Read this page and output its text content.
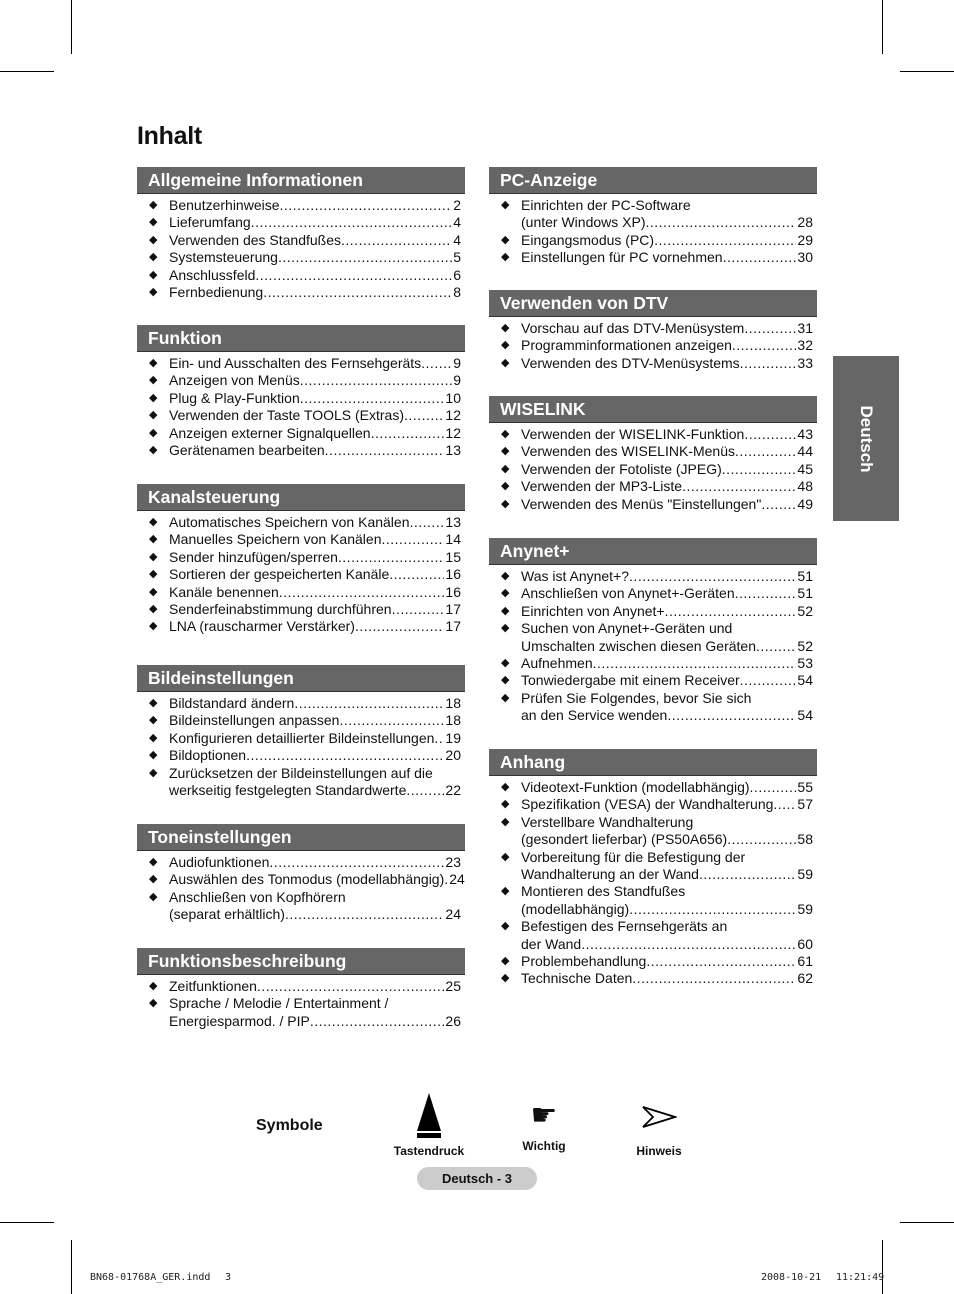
Inhalt
Allgemeine Informationen
◆ Benutzerhinweise .....	2
◆ Lieferumfang .....	4
◆ Verwenden des Standfußes .....	4
◆ Systemsteuerung .....	5
◆ Anschlussfeld .....	6
◆ Fernbedienung .....	8
Funktion
◆ Ein- und Ausschalten des Fernsehgeräts ..... 9
◆ Anzeigen von Menüs .....	9
◆ Plug & Play-Funktion .....	10
◆ Verwenden der Taste TOOLS (Extras) .....	12
◆ Anzeigen externer Signalquellen .....	12
◆ Gerätenamen bearbeiten .....	13
Kanalsteuerung
◆ Automatisches Speichern von Kanälen .....	13
◆ Manuelles Speichern von Kanälen .....	14
◆ Sender hinzufügen/sperren .....	15
◆ Sortieren der gespeicherten Kanäle .....	16
◆ Kanäle benennen .....	16
◆ Senderfeinabstimmung durchführen .....	17
◆ LNA (rauscharmer Verstärker) .....	17
Bildeinstellungen
◆ Bildstandard ändern .....	18
◆ Bildeinstellungen anpassen .....	18
◆ Konfigurieren detaillierter Bildeinstellungen ..... 19
◆ Bildoptionen .....	20
◆ Zurücksetzen der Bildeinstellungen auf die
werkseitig festgelegten Standardwerte .....	22
Toneinstellungen
◆ Audiofunktionen .....	23
◆ Auswählen des Tonmodus (modellabhängig) ..... 24
◆ Anschließen von Kopfhörern
(separat erhältlich) .....	24
Funktionsbeschreibung
◆ Zeitfunktionen .....	25
◆ Sprache / Melodie / Entertainment /
Energiesparmod. / PIP .....	26
PC-Anzeige
◆ Einrichten der PC-Software
(unter Windows XP) .....	28
◆ Eingangsmodus (PC) .....	29
◆ Einstellungen für PC vornehmen .....	30
Verwenden von DTV
◆ Vorschau auf das DTV-Menüsystem .....	31
◆ Programminformationen anzeigen .....	32
◆ Verwenden des DTV-Menüsystems .....	33
WISELINK
◆ Verwenden der WISELINK-Funktion .....	43
◆ Verwenden des WISELINK-Menüs .....	44
◆ Verwenden der Fotoliste (JPEG) .....	45
◆ Verwenden der MP3-Liste .....	48
◆ Verwenden des Menüs "Einstellungen" .....	49
Anynet+
◆ Was ist Anynet+? .....	51
◆ Anschließen von Anynet+-Geräten .....	51
◆ Einrichten von Anynet+ .....	52
◆ Suchen von Anynet+-Geräten und
Umschalten zwischen diesen Geräten .....	52
◆ Aufnehmen .....	53
◆ Tonwiedergabe mit einem Receiver .....	54
◆ Prüfen Sie Folgendes, bevor Sie sich
an den Service wenden .....	54
Anhang
◆ Videotext-Funktion (modellabhängig) .....	55
◆ Spezifikation (VESA) der Wandhalterung ..... 57
◆ Verstellbare Wandhalterung
(gesondert lieferbar) (PS50A656) .....	58
◆ Vorbereitung für die Befestigung der
Wandhalterung an der Wand .....	59
◆ Montieren des Standfußes
(modellabhängig) .....	59
◆ Befestigen des Fernsehgeräts an
der Wand .....	60
◆ Problembehandlung .....	61
◆ Technische Daten .....	62
Deutsch
Symbole
Tastendruck
☛
Wichtig	Hinweis
Deutsch - 3
BN68-01768A_GER.indd 3	2008-10-21 11:21:49
